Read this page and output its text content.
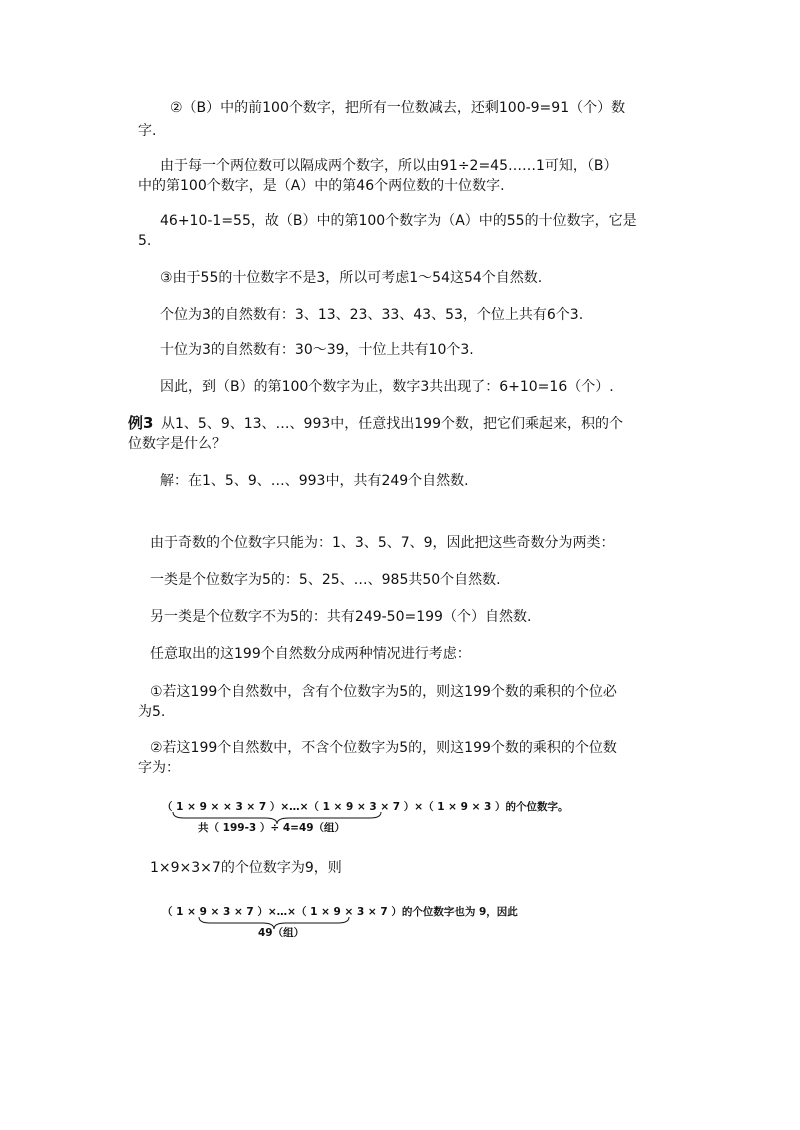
②（B）中的前100个数字，把所有一位数减去，还剩100-9=91（个）数
字.
由于每一个两位数可以隔成两个数字，所以由91÷2=45……1可知，（B）
中的第100个数字，是（A）中的第46个两位数的十位数字.
46+10-1=55，故（B）中的第100个数字为（A）中的55的十位数字，它是
5.
③由于55的十位数字不是3，所以可考虑1～54这54个自然数.
个位为3的自然数有：3、13、23、33、43、53，个位上共有6个3.
十位为3的自然数有：30～39，十位上共有10个3.
因此，到（B）的第100个数字为止，数字3共出现了：6+10=16（个）.
例3 从1、5、9、13、…、993中，任意找出199个数，把它们乘起来，积的个
位数字是什么？
解：在1、5、9、…、993中，共有249个自然数.
由于奇数的个位数字只能为：1、3、5、7、9，因此把这些奇数分为两类：
一类是个位数字为5的：5、25、…、985共50个自然数.
另一类是个位数字不为5的：共有249-50=199（个）自然数.
任意取出的这199个自然数分成两种情况进行考虑：
①若这199个自然数中，含有个位数字为5的，则这199个数的乘积的个位必
为5.
②若这199个自然数中，不含个位数字为5的，则这199个数的乘积的个位数
字为：
（ 1 × 9 × × 3 × 7 ）×…×（ 1 × 9 × 3 × 7 ）×（ 1 × 9 × 3 ）的个位数字。
共（ 199-3 ）÷ 4=49（组）
1×9×3×7的个位数字为9，则
（ 1 × 9 × 3 × 7 ）×…×（ 1 × 9 × 3 × 7 ）的个位数字也为 9，因此
49（组）
